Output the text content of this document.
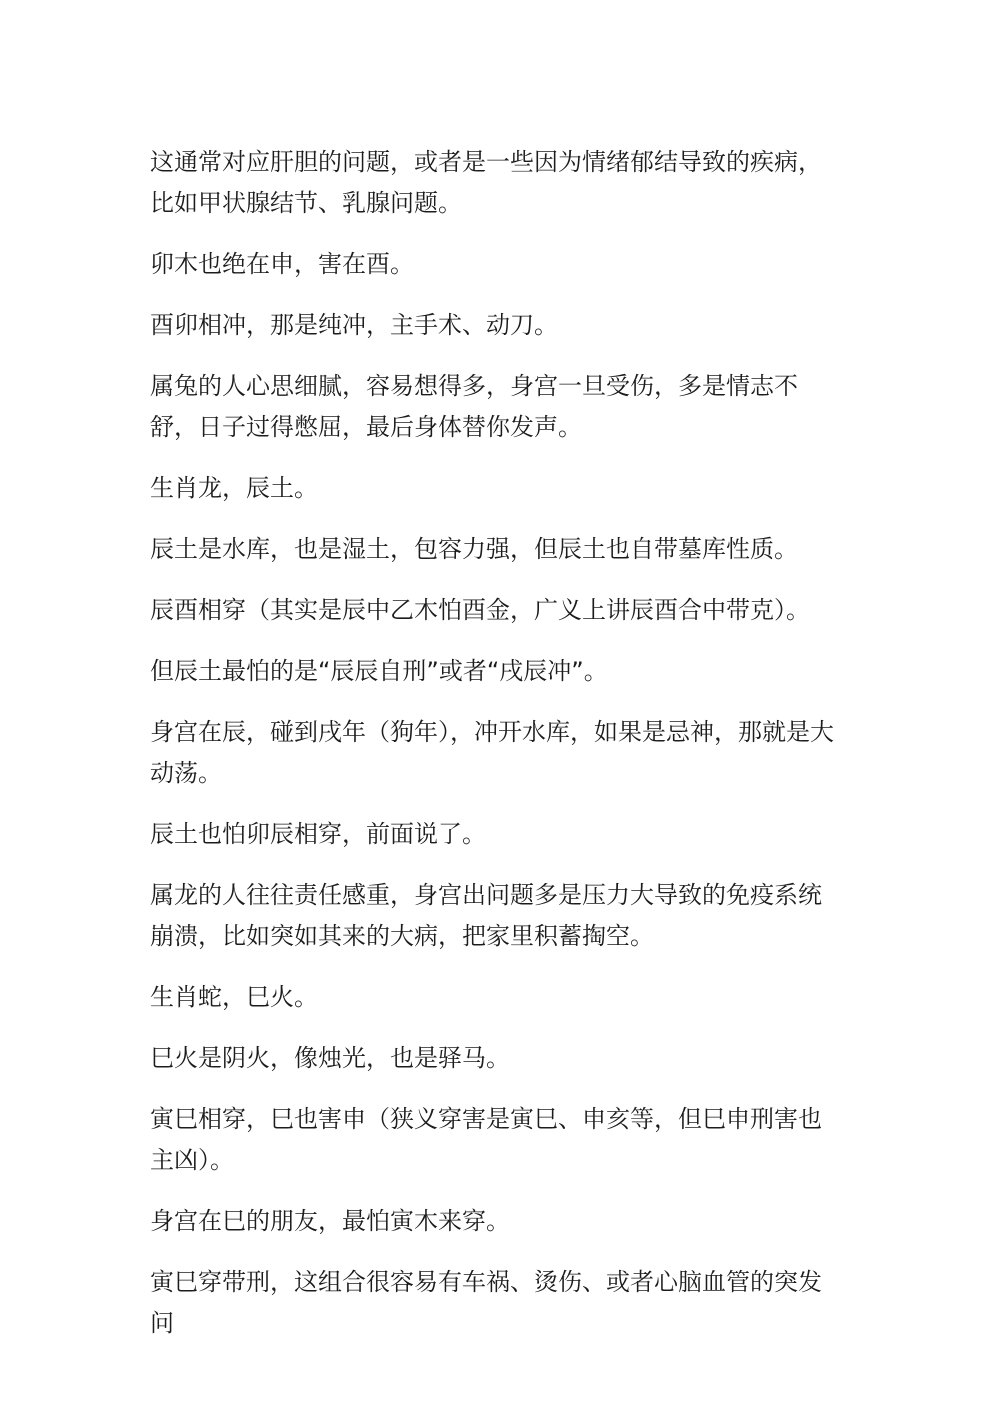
这通常对应肝胆的问题，或者是一些因为情绪郁结导致的疾病，比如甲状腺结节、乳腺问题。

卯木也绝在申，害在酉。

酉卯相冲，那是纯冲，主手术、动刀。

属兔的人心思细腻，容易想得多，身宫一旦受伤，多是情志不舒，日子过得憋屈，最后身体替你发声。

生肖龙，辰土。

辰土是水库，也是湿土，包容力强，但辰土也自带墓库性质。

辰酉相穿（其实是辰中乙木怕酉金，广义上讲辰酉合中带克）。

但辰土最怕的是“辰辰自刑”或者“戌辰冲”。

身宫在辰，碰到戌年（狗年），冲开水库，如果是忌神，那就是大动荡。

辰土也怕卯辰相穿，前面说了。

属龙的人往往责任感重，身宫出问题多是压力大导致的免疫系统崩溃，比如突如其来的大病，把家里积蓄掏空。

生肖蛇，巳火。

巳火是阴火，像烛光，也是驿马。

寅巳相穿，巳也害申（狭义穿害是寅巳、申亥等，但巳申刑害也主凶）。

身宫在巳的朋友，最怕寅木来穿。

寅巳穿带刑，这组合很容易有车祸、烫伤、或者心脑血管的突发问
